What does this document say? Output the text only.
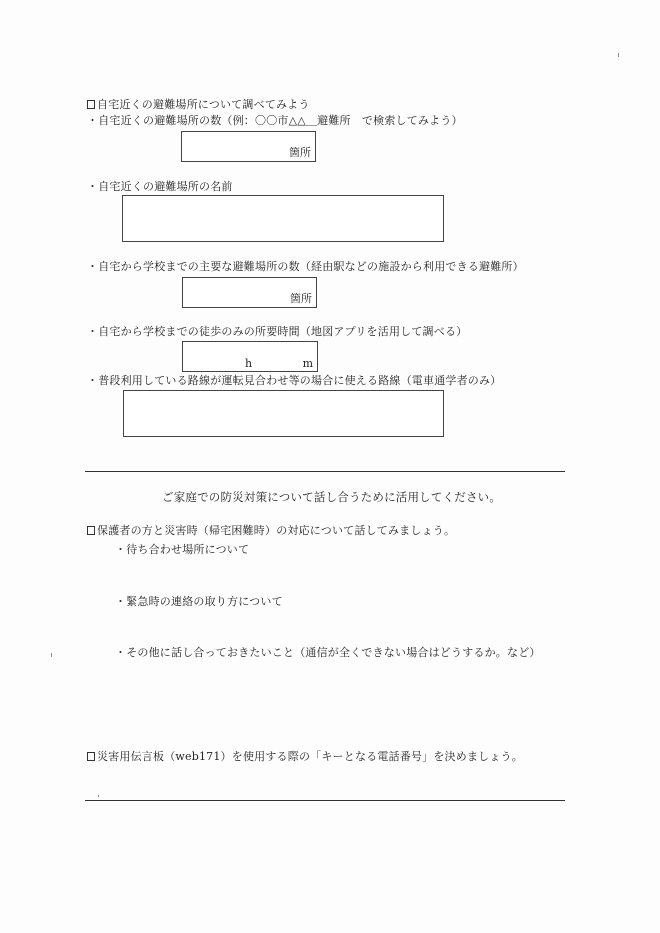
自宅近くの避難場所について調べてみよう
・自宅近くの避難場所の数（例：〇〇市△△＿避難所　で検索してみよう）
箇所
・自宅近くの避難場所の名前
・自宅から学校までの主要な避難場所の数（経由駅などの施設から利用できる避難所）
箇所
・自宅から学校までの徒歩のみの所要時間（地図アプリを活用して調べる）
h	m
・普段利用している路線が運転見合わせ等の場合に使える路線（電車通学者のみ）
ご家庭での防災対策について話し合うために活用してください。
保護者の方と災害時（帰宅困難時）の対応について話してみましょう。
・待ち合わせ場所について
・緊急時の連絡の取り方について
・その他に話し合っておきたいこと（通信が全くできない場合はどうするか。など）
災害用伝言板（web171）を使用する際の「キーとなる電話番号」を決めましょう。
